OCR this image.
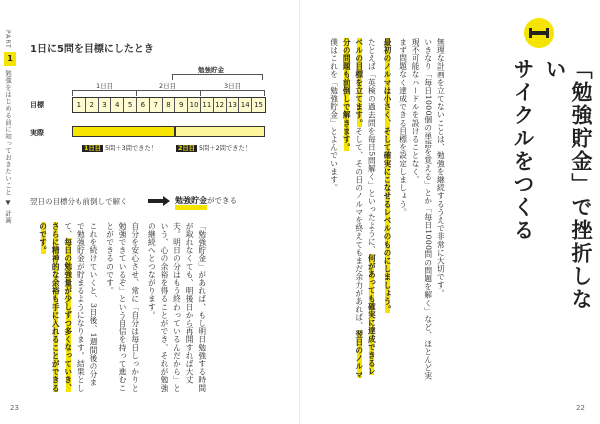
PART
1
勉強をはじめる前に知っておきたいこと ▼ 計画
1日に5問を目標にしたとき
勉強貯金
1日目	2日目	3日目
目標	1	2	3	4	5	6	7	8	9 10 11 12 13 14 15
実際
1日目 5問＋3問できた！	2日目 5問＋2問できた！
翌日の目標分も前倒しで解く	勉強貯金ができる

「勉強貯金」があれば、もし明日勉強する時間が取れなくても、明後日から再開すれば大丈夫。明日の分はもう終わっているんだから」という、心の余裕を得ることができ、それが勉強の継続へとつながります。

自分を安心させ、常に「自分は毎日しっかりと勉強できているぞ」という自信を持って進むことができるのです。

これを続けていくと、3日後、1週間後の分まで勉強貯金が貯まるようになります。結果として、毎日の勉強量が少しずつ多くなっていき、さらに精神的な余裕も手に入れることができるのです。

23

無理な計画を立てないことは、勉強を継続するうえで非常に大切です。

いきなり「毎日1000個の単語を覚える」とか「毎日1000問の問題を解く」など、ほとんど実現不可能なハードルを設けることなく、

まず問題なく達成できる目標を設定しましょう。

最初のノルマは小さく、そして確実にこなせるレベルのものにしましょう。

たとえば「英検の過去問を毎日5問解く」といったように、何があっても確実に達成できるレベルの目標を立てます。そして、その日のノルマを終えてもまだ余力があれば、翌日のノルマ分の問題も前倒しで解きます。

僕はこれを「勉強貯金」とよんでいます。	「勉強貯金」で挫折しない
サイクルをつくる
22
